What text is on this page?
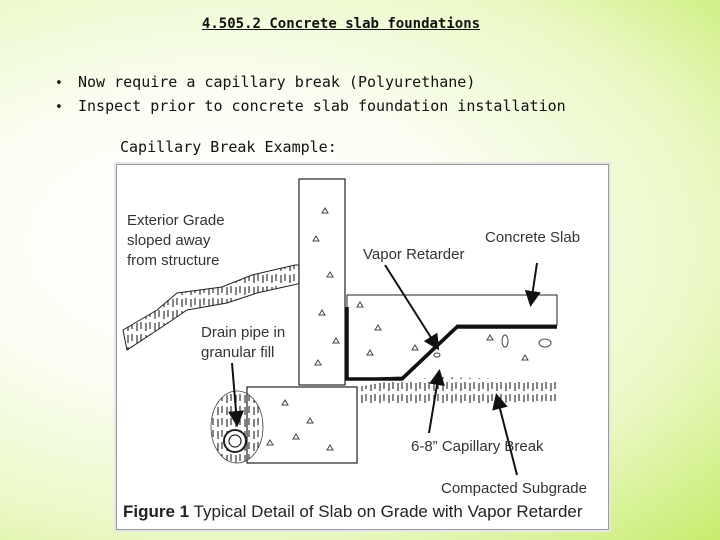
4.505.2 Concrete slab foundations
• Now require a capillary break (Polyurethane)
• Inspect prior to concrete slab foundation installation
Capillary Break Example:
Exterior Grade
sloped away
from structure	Vapor Retarder
Concrete Slab
Drain pipe in
granular fill
6-8” Capillary Break
Compacted Subgrade
Figure 1 Typical Detail of Slab on Grade with Vapor Retarder
